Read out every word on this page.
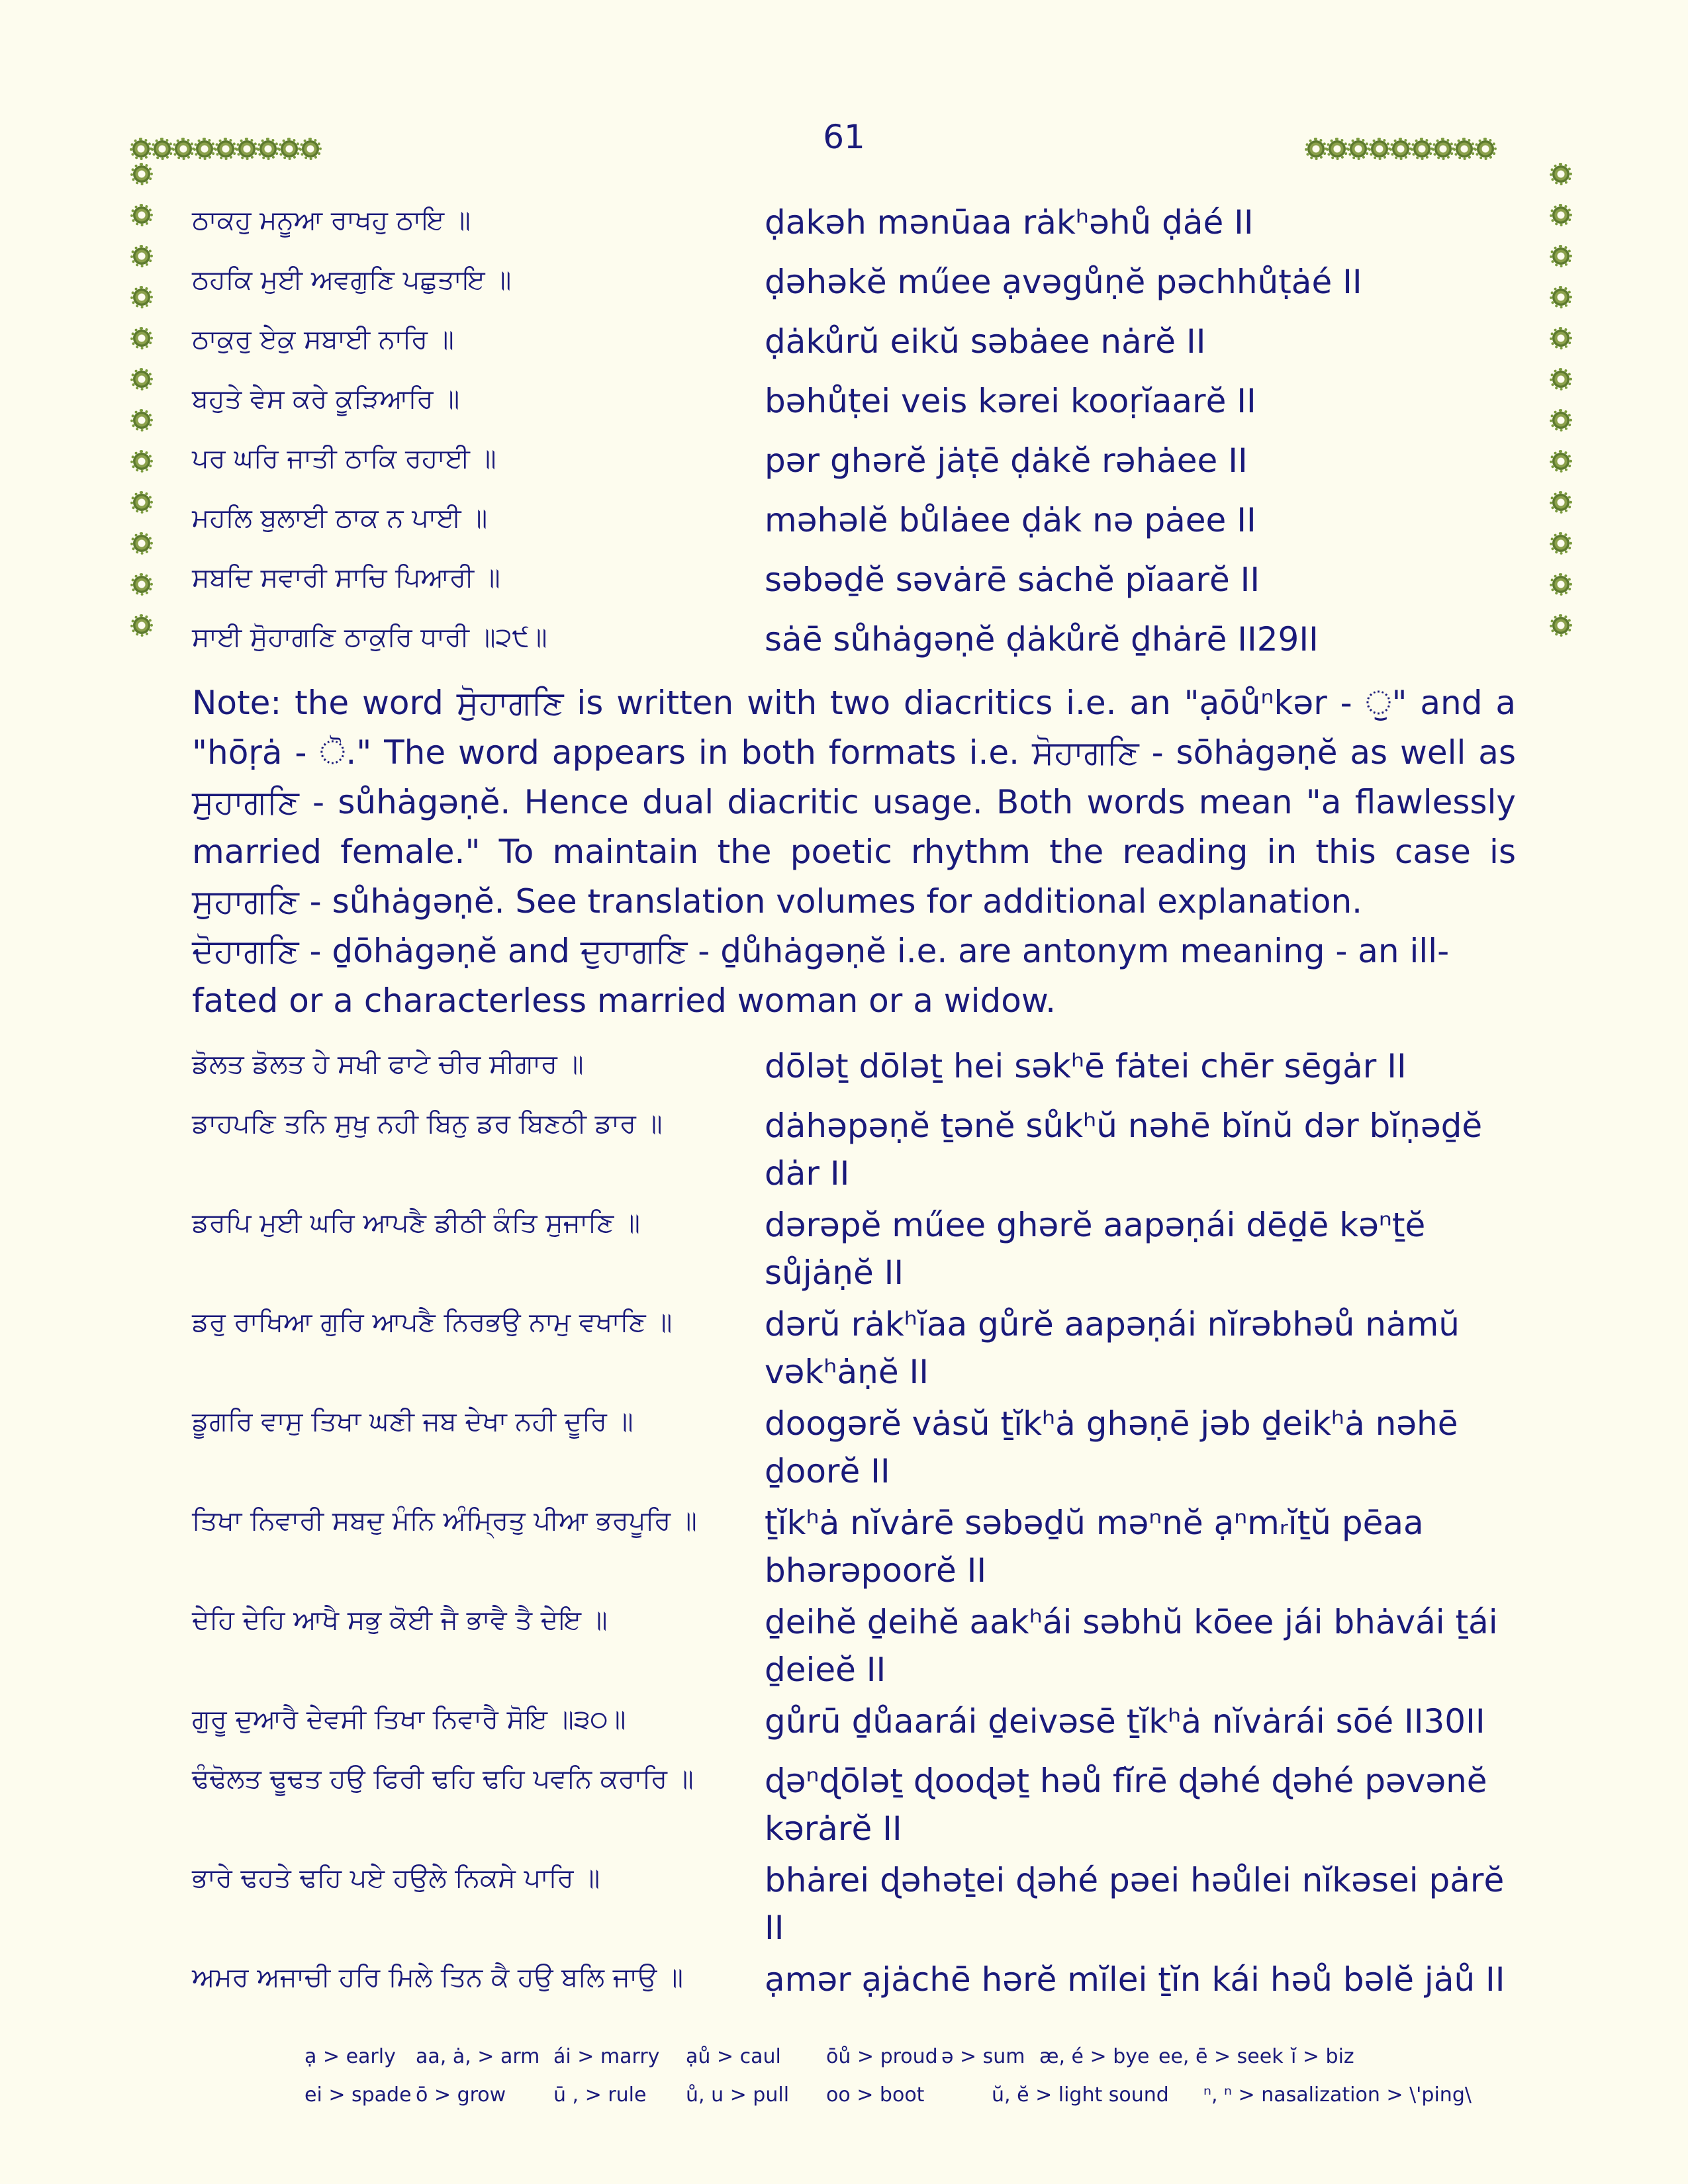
61
ਠਾਕਹੁ ਮਨੂਆ ਰਾਖਹੁ ਠਾਇ ॥	ḍakəh mənūaa rȧkʰəhů ḍȧé II
ਠਹਕਿ ਮੁਈ ਅਵਗੁਣਿ ਪਛੁਤਾਇ ॥	ḍəhəkĕ műee ạvəgůṇĕ pəchhůṭȧé II
ਠਾਕੁਰੁ ਏਕੁ ਸਬਾਈ ਨਾਰਿ ॥	ḍȧkůrŭ eikŭ səbȧee nȧrĕ II
ਬਹੁਤੇ ਵੇਸ ਕਰੇ ਕੂੜਿਆਰਿ ॥	bəhůṭei veis kərei kooṛĭaarĕ II
ਪਰ ਘਰਿ ਜਾਤੀ ਠਾਕਿ ਰਹਾਈ ॥	pər ghərĕ jȧṭē ḍȧkĕ rəhȧee II
ਮਹਲਿ ਬੁਲਾਈ ਠਾਕ ਨ ਪਾਈ ॥	məhəlĕ bůlȧee ḍȧk nə pȧee II
ਸਬਦਿ ਸਵਾਰੀ ਸਾਚਿ ਪਿਆਰੀ ॥	səbəḏĕ səvȧrē sȧchĕ pĭaarĕ II
ਸਾਈ ਸੋੁਹਾਗਣਿ ਠਾਕੁਰਿ ਧਾਰੀ ॥੨੯॥	sȧē sůhȧgəṇĕ ḍȧkůrĕ ḏhȧrē II29II
Note: the word ਸੋੁਹਾਗਣਿ is written with two diacritics i.e. an "ạōůⁿkər - ੁ" and a "hōṛȧ - ੋ." The word appears in both formats i.e. ਸੋਹਾਗਣਿ - sōhȧgəṇĕ as well as ਸੁਹਾਗਣਿ - sůhȧgəṇĕ. Hence dual diacritic usage. Both words mean "a flawlessly married female." To maintain the poetic rhythm the reading in this case is ਸੁਹਾਗਣਿ - sůhȧgəṇĕ. See translation volumes for additional explanation.
ਦੋਹਾਗਣਿ - ḏōhȧgəṇĕ and ਦੁਹਾਗਣਿ - ḏůhȧgəṇĕ i.e. are antonym meaning - an ill-fated or a characterless married woman or a widow.
ਡੋਲਤ ਡੋਲਤ ਹੇ ਸਖੀ ਫਾਟੇ ਚੀਰ ਸੀਗਾਰ ॥	dōləṯ dōləṯ hei səkʰē fȧtei chēr sēgȧr II
ਡਾਹਪਣਿ ਤਨਿ ਸੁਖੁ ਨਹੀ ਬਿਨੁ ਡਰ ਬਿਣਠੀ ਡਾਰ ॥	dȧhəpəṇĕ ṯənĕ sůkʰŭ nəhē bĭnŭ dər bĭṇəḏĕ dȧr II
ਡਰਪਿ ਮੁਈ ਘਰਿ ਆਪਣੈ ਡੀਠੀ ਕੰਤਿ ਸੁਜਾਣਿ ॥	dərəpĕ műee ghərĕ aapəṇái dēḏē kəⁿṯĕ sůjȧṇĕ II
ਡਰੁ ਰਾਖਿਆ ਗੁਰਿ ਆਪਣੈ ਨਿਰਭਉ ਨਾਮੁ ਵਖਾਣਿ ॥	dərŭ rȧkʰĭaa gůrĕ aapəṇái nĭrəbhəů nȧmŭ vəkʰȧṇĕ II
ਡੂਗਰਿ ਵਾਸੁ ਤਿਖਾ ਘਣੀ ਜਬ ਦੇਖਾ ਨਹੀ ਦੂਰਿ ॥	doogərĕ vȧsŭ ṯĭkʰȧ ghəṇē jəb ḏeikʰȧ nəhē ḏoorĕ II
ਤਿਖਾ ਨਿਵਾਰੀ ਸਬਦੁ ਮੰਨਿ ਅੰਮ੍ਰਿਤੁ ਪੀਆ ਭਰਪੂਰਿ ॥ ṯĭkʰȧ nĭvȧrē səbəḏŭ məⁿnĕ ạⁿmᵣĭṯŭ pēaa bhərəpoorĕ II
ਦੇਹਿ ਦੇਹਿ ਆਖੈ ਸਭੁ ਕੋਈ ਜੈ ਭਾਵੈ ਤੈ ਦੇਇ ॥	ḏeihĕ ḏeihĕ aakʰái səbhŭ kōee jái bhȧvái ṯái ḏeieĕ II
ਗੁਰੂ ਦੁਆਰੈ ਦੇਵਸੀ ਤਿਖਾ ਨਿਵਾਰੈ ਸੋਇ ॥੩੦॥	gůrū ḏůaarái ḏeivəsē ṯĭkʰȧ nĭvȧrái sōé II30II
ਢੰਢੋਲਤ ਢੂਢਤ ਹਉ ਫਿਰੀ ਢਹਿ ਢਹਿ ਪਵਨਿ ਕਰਾਰਿ ॥ ɖəⁿɖōləṯ ɖooɖəṯ həů fĭrē ɖəhé ɖəhé pəvənĕ kərȧrĕ II
ਭਾਰੇ ਢਹਤੇ ਢਹਿ ਪਏ ਹਉਲੇ ਨਿਕਸੇ ਪਾਰਿ ॥	bhȧrei ɖəhəṯei ɖəhé pəei həůlei nĭkəsei pȧrĕ II
ਅਮਰ ਅਜਾਚੀ ਹਰਿ ਮਿਲੇ ਤਿਨ ਕੈ ਹਉ ਬਲਿ ਜਾਉ ॥ ạmər ạjȧchē hərĕ mĭlei ṯĭn kái həů bəlĕ jȧů II
ạ > early	aa, ȧ, > arm ái > marry	ạů > caul	ōů > proud ə > sum æ, é > bye ee, ē > seek ĭ > biz
ei > spade ō > grow	ū , > rule	ů, u > pull	oo > boot	ŭ, ĕ > light sound	ⁿ, ⁿ > nasalization > \'ping\
